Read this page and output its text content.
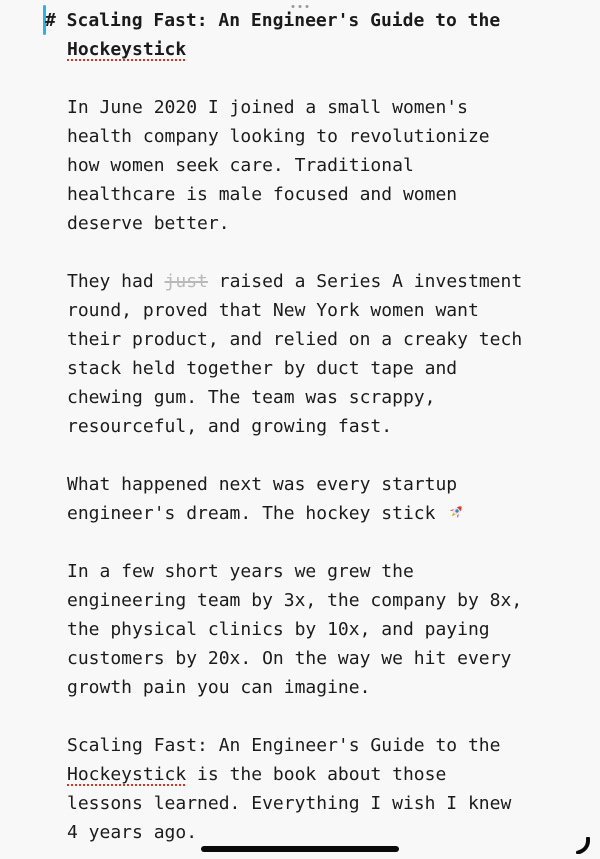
# Scaling Fast: An Engineer's Guide to the
Hockeystick
In June 2020 I joined a small women's
health company looking to revolutionize
how women seek care. Traditional
healthcare is male focused and women
deserve better.
They had just raised a Series A investment
round, proved that New York women want
their product, and relied on a creaky tech
stack held together by duct tape and
chewing gum. The team was scrappy,
resourceful, and growing fast.
What happened next was every startup
engineer's dream. The hockey stick
In a few short years we grew the
engineering team by 3x, the company by 8x,
the physical clinics by 10x, and paying
customers by 20x. On the way we hit every
growth pain you can imagine.
Scaling Fast: An Engineer's Guide to the
Hockeystick is the book about those
lessons learned. Everything I wish I knew
4 years ago.
